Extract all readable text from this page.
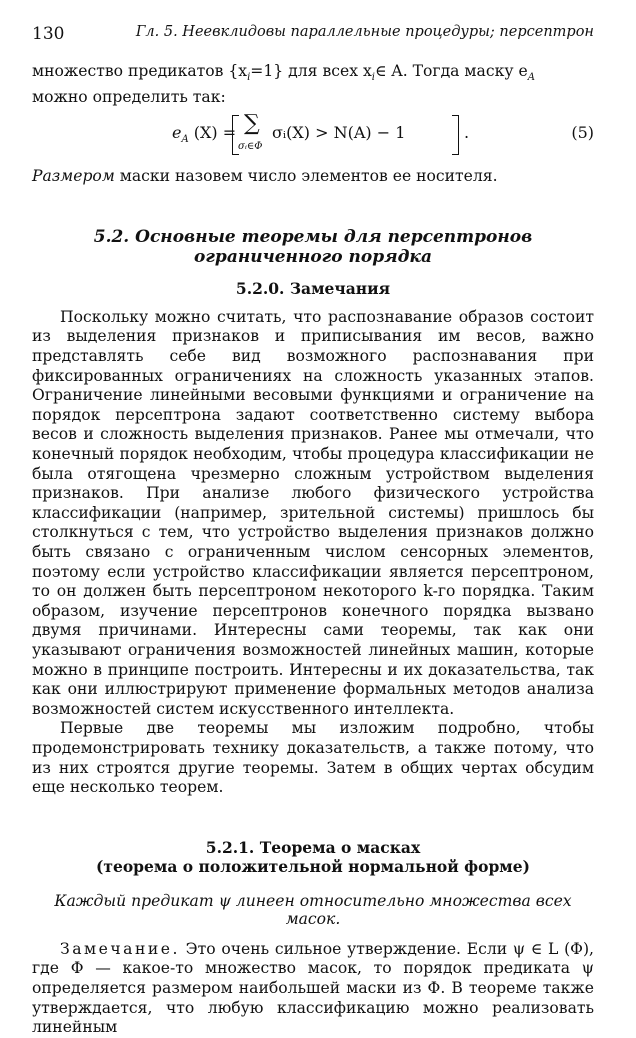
130	Гл. 5. Неевклидовы параллельные процедуры; персептрон

множество предикатов $\{x_i=1\}$ для всех $x_i\in$ A. Тогда маску $e_A$
можно определить так:

$e_A$ (X) = ∑
σᵢ∈Φ
σᵢ(X) > N(A) − 1	.	(5)

Размером маски назовем число элементов ее носителя.

5.2. Основные теоремы для персептронов
ограниченного порядка
5.2.0. Замечания

Поскольку можно считать, что распознавание образов состоит из выделения признаков и приписывания им весов, важно представлять себе вид возможного распознавания при фиксированных ограничениях на сложность указанных этапов. Ограничение линейными весовыми функциями и ограничение на порядок персептрона задают соответственно систему выбора весов и сложность выделения признаков. Ранее мы отмечали, что конечный порядок необходим, чтобы процедура классификации не была отягощена чрезмерно сложным устройством выделения признаков. При анализе любого физического устройства классификации (например, зрительной системы) пришлось бы столкнуться с тем, что устройство выделения признаков должно быть связано с ограниченным числом сенсорных элементов, поэтому если устройство классификации является персептроном, то он должен быть персептроном некоторого k-го порядка. Таким образом, изучение персептронов конечного порядка вызвано двумя причинами. Интересны сами теоремы, так как они указывают ограничения возможностей линейных машин, которые можно в принципе построить. Интересны и их доказательства, так как они иллюстрируют применение формальных методов анализа возможностей систем искусственного интеллекта.

Первые две теоремы мы изложим подробно, чтобы продемонстрировать технику доказательств, а также потому, что из них строятся другие теоремы. Затем в общих чертах обсудим еще несколько теорем.

5.2.1. Теорема о масках
(теорема о положительной нормальной форме)
Каждый предикат ψ линеен относительно множества всех масок.

Замечание. Это очень сильное утверждение. Если ψ ∈ L (Φ), где Φ — какое-то множество масок, то порядок предиката ψ определяется размером наибольшей маски из Φ. В теореме также утверждается, что любую классификацию можно реализовать линейным
